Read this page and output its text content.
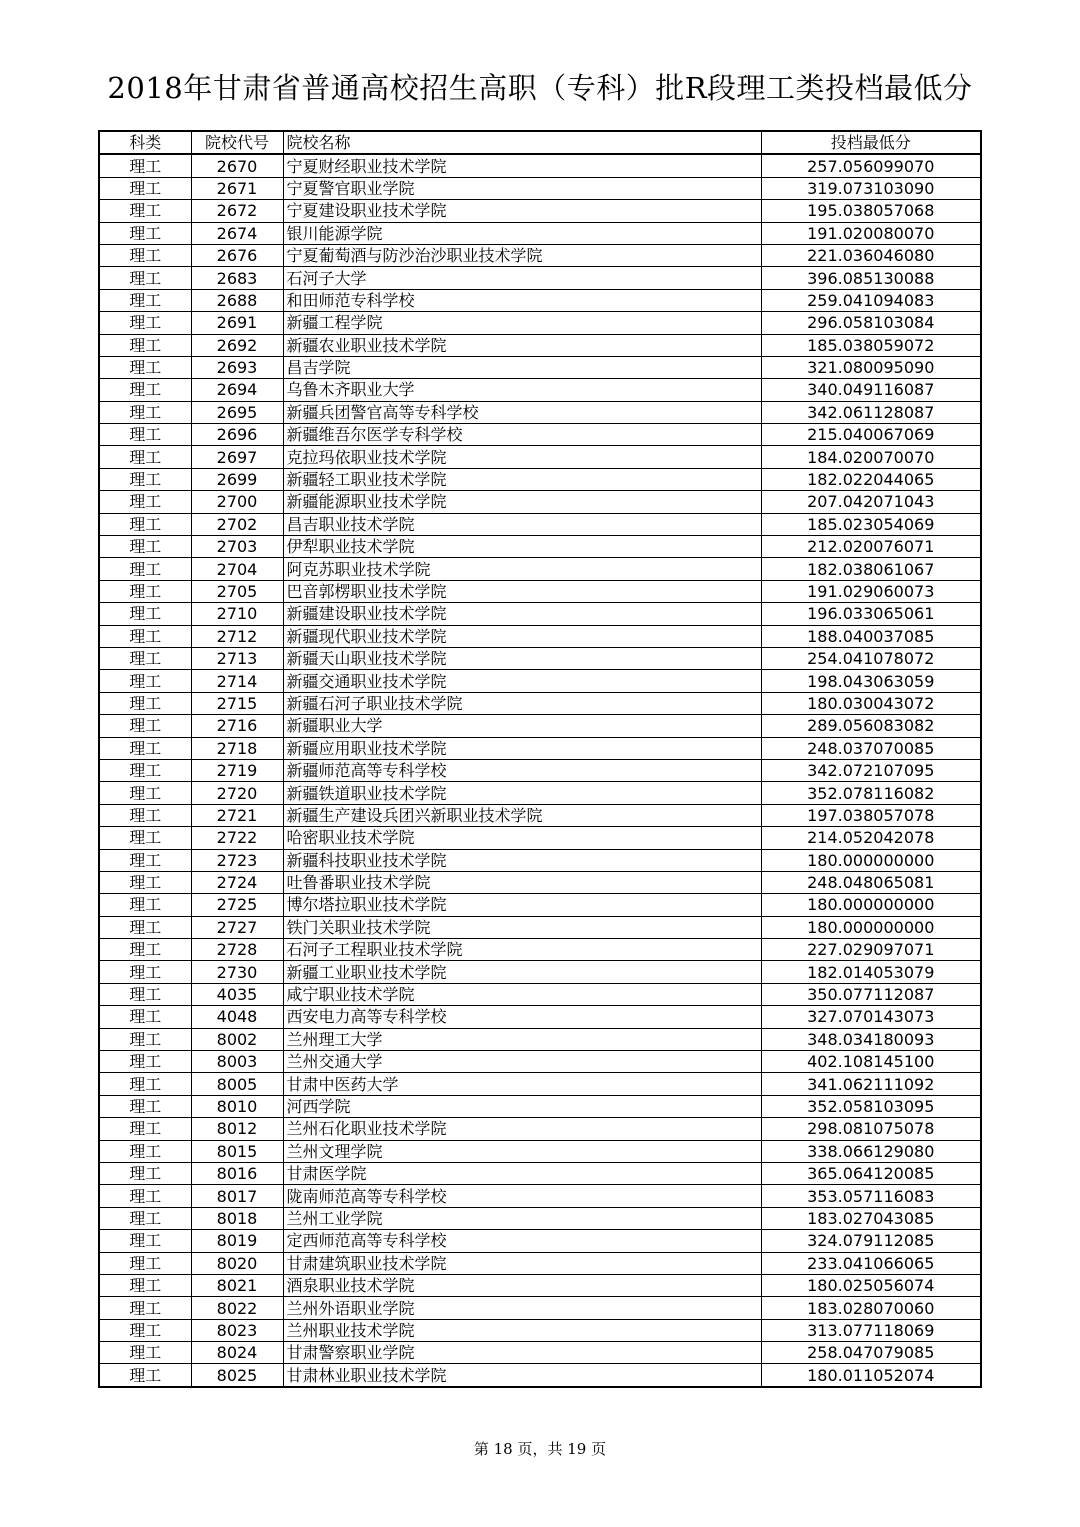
2018年甘肃省普通高校招生高职（专科）批R段理工类投档最低分
科类	院校代号	院校名称	投档最低分
理工	2670	宁夏财经职业技术学院	257.056099070
理工	2671	宁夏警官职业学院	319.073103090
理工	2672	宁夏建设职业技术学院	195.038057068
理工	2674	银川能源学院	191.020080070
理工	2676	宁夏葡萄酒与防沙治沙职业技术学院	221.036046080
理工	2683	石河子大学	396.085130088
理工	2688	和田师范专科学校	259.041094083
理工	2691	新疆工程学院	296.058103084
理工	2692	新疆农业职业技术学院	185.038059072
理工	2693	昌吉学院	321.080095090
理工	2694	乌鲁木齐职业大学	340.049116087
理工	2695	新疆兵团警官高等专科学校	342.061128087
理工	2696	新疆维吾尔医学专科学校	215.040067069
理工	2697	克拉玛依职业技术学院	184.020070070
理工	2699	新疆轻工职业技术学院	182.022044065
理工	2700	新疆能源职业技术学院	207.042071043
理工	2702	昌吉职业技术学院	185.023054069
理工	2703	伊犁职业技术学院	212.020076071
理工	2704	阿克苏职业技术学院	182.038061067
理工	2705	巴音郭楞职业技术学院	191.029060073
理工	2710	新疆建设职业技术学院	196.033065061
理工	2712	新疆现代职业技术学院	188.040037085
理工	2713	新疆天山职业技术学院	254.041078072
理工	2714	新疆交通职业技术学院	198.043063059
理工	2715	新疆石河子职业技术学院	180.030043072
理工	2716	新疆职业大学	289.056083082
理工	2718	新疆应用职业技术学院	248.037070085
理工	2719	新疆师范高等专科学校	342.072107095
理工	2720	新疆铁道职业技术学院	352.078116082
理工	2721	新疆生产建设兵团兴新职业技术学院	197.038057078
理工	2722	哈密职业技术学院	214.052042078
理工	2723	新疆科技职业技术学院	180.000000000
理工	2724	吐鲁番职业技术学院	248.048065081
理工	2725	博尔塔拉职业技术学院	180.000000000
理工	2727	铁门关职业技术学院	180.000000000
理工	2728	石河子工程职业技术学院	227.029097071
理工	2730	新疆工业职业技术学院	182.014053079
理工	4035	咸宁职业技术学院	350.077112087
理工	4048	西安电力高等专科学校	327.070143073
理工	8002	兰州理工大学	348.034180093
理工	8003	兰州交通大学	402.108145100
理工	8005	甘肃中医药大学	341.062111092
理工	8010	河西学院	352.058103095
理工	8012	兰州石化职业技术学院	298.081075078
理工	8015	兰州文理学院	338.066129080
理工	8016	甘肃医学院	365.064120085
理工	8017	陇南师范高等专科学校	353.057116083
理工	8018	兰州工业学院	183.027043085
理工	8019	定西师范高等专科学校	324.079112085
理工	8020	甘肃建筑职业技术学院	233.041066065
理工	8021	酒泉职业技术学院	180.025056074
理工	8022	兰州外语职业学院	183.028070060
理工	8023	兰州职业技术学院	313.077118069
理工	8024	甘肃警察职业学院	258.047079085
理工	8025	甘肃林业职业技术学院	180.011052074
第 18 页，共 19 页
